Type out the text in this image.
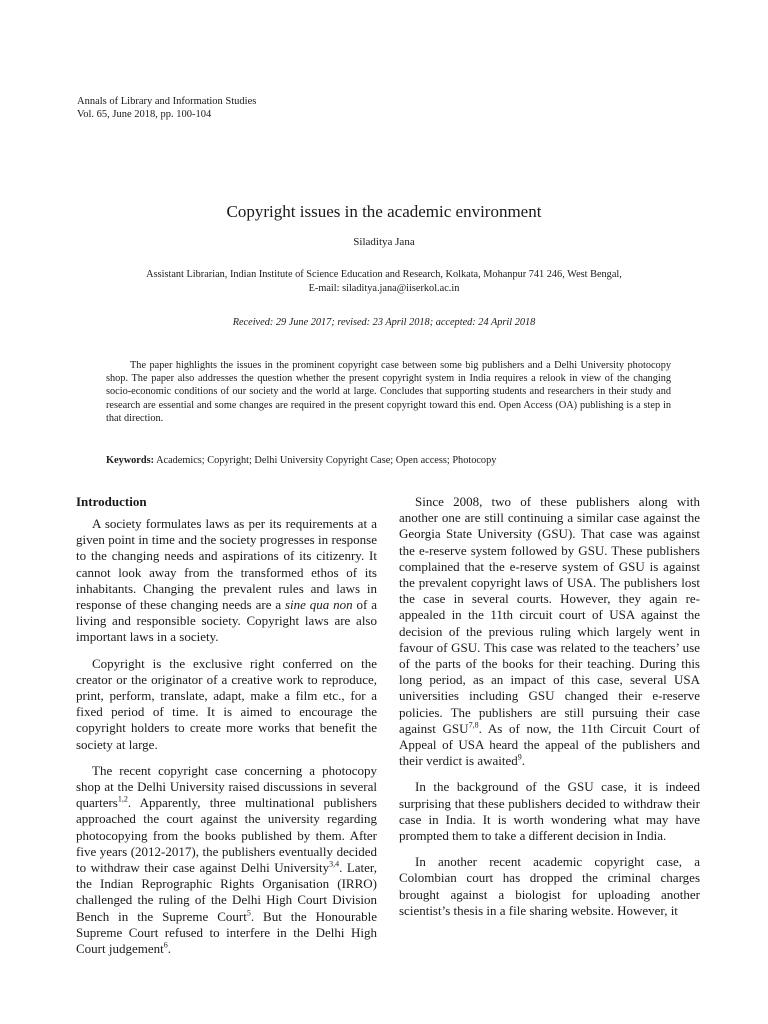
Annals of Library and Information Studies
Vol. 65, June 2018, pp. 100-104
Copyright issues in the academic environment
Siladitya Jana
Assistant Librarian, Indian Institute of Science Education and Research, Kolkata, Mohanpur 741 246, West Bengal,
E-mail: siladitya.jana@iiserkol.ac.in
Received: 29 June 2017; revised: 23 April 2018; accepted: 24 April 2018

The paper highlights the issues in the prominent copyright case between some big publishers and a Delhi University photocopy shop. The paper also addresses the question whether the present copyright system in India requires a relook in view of the changing socio-economic conditions of our society and the world at large. Concludes that supporting students and researchers in their study and research are essential and some changes are required in the present copyright toward this end. Open Access (OA) publishing is a step in that direction.

Keywords: Academics; Copyright; Delhi University Copyright Case; Open access; Photocopy
Introduction

A society formulates laws as per its requirements at a given point in time and the society progresses in response to the changing needs and aspirations of its citizenry. It cannot look away from the transformed ethos of its inhabitants. Changing the prevalent rules and laws in response of these changing needs are a sine qua non of a living and responsible society. Copyright laws are also important laws in a society.

Copyright is the exclusive right conferred on the creator or the originator of a creative work to reproduce, print, perform, translate, adapt, make a film etc., for a fixed period of time. It is aimed to encourage the copyright holders to create more works that benefit the society at large.

The recent copyright case concerning a photocopy shop at the Delhi University raised discussions in several quarters$^{1,2}$. Apparently, three multinational publishers approached the court against the university regarding photocopying from the books published by them. After five years (2012-2017), the publishers eventually decided to withdraw their case against Delhi University$^{3,4}$. Later, the Indian Reprographic Rights Organisation (IRRO) challenged the ruling of the Delhi High Court Division Bench in the Supreme Court$^5$. But the Honourable Supreme Court refused to interfere in the Delhi High Court judgement$^6$.

Since 2008, two of these publishers along with another one are still continuing a similar case against the Georgia State University (GSU). That case was against the e-reserve system followed by GSU. These publishers complained that the e-reserve system of GSU is against the prevalent copyright laws of USA. The publishers lost the case in several courts. However, they again re-appealed in the 11th circuit court of USA against the decision of the previous ruling which largely went in favour of GSU. This case was related to the teachers’ use of the parts of the books for their teaching. During this long period, as an impact of this case, several USA universities including GSU changed their e-reserve policies. The publishers are still pursuing their case against GSU$^{7,8}$. As of now, the 11th Circuit Court of Appeal of USA heard the appeal of the publishers and their verdict is awaited$^9$.

In the background of the GSU case, it is indeed surprising that these publishers decided to withdraw their case in India. It is worth wondering what may have prompted them to take a different decision in India.

In another recent academic copyright case, a Colombian court has dropped the criminal charges brought against a biologist for uploading another scientist’s thesis in a file sharing website. However, it
